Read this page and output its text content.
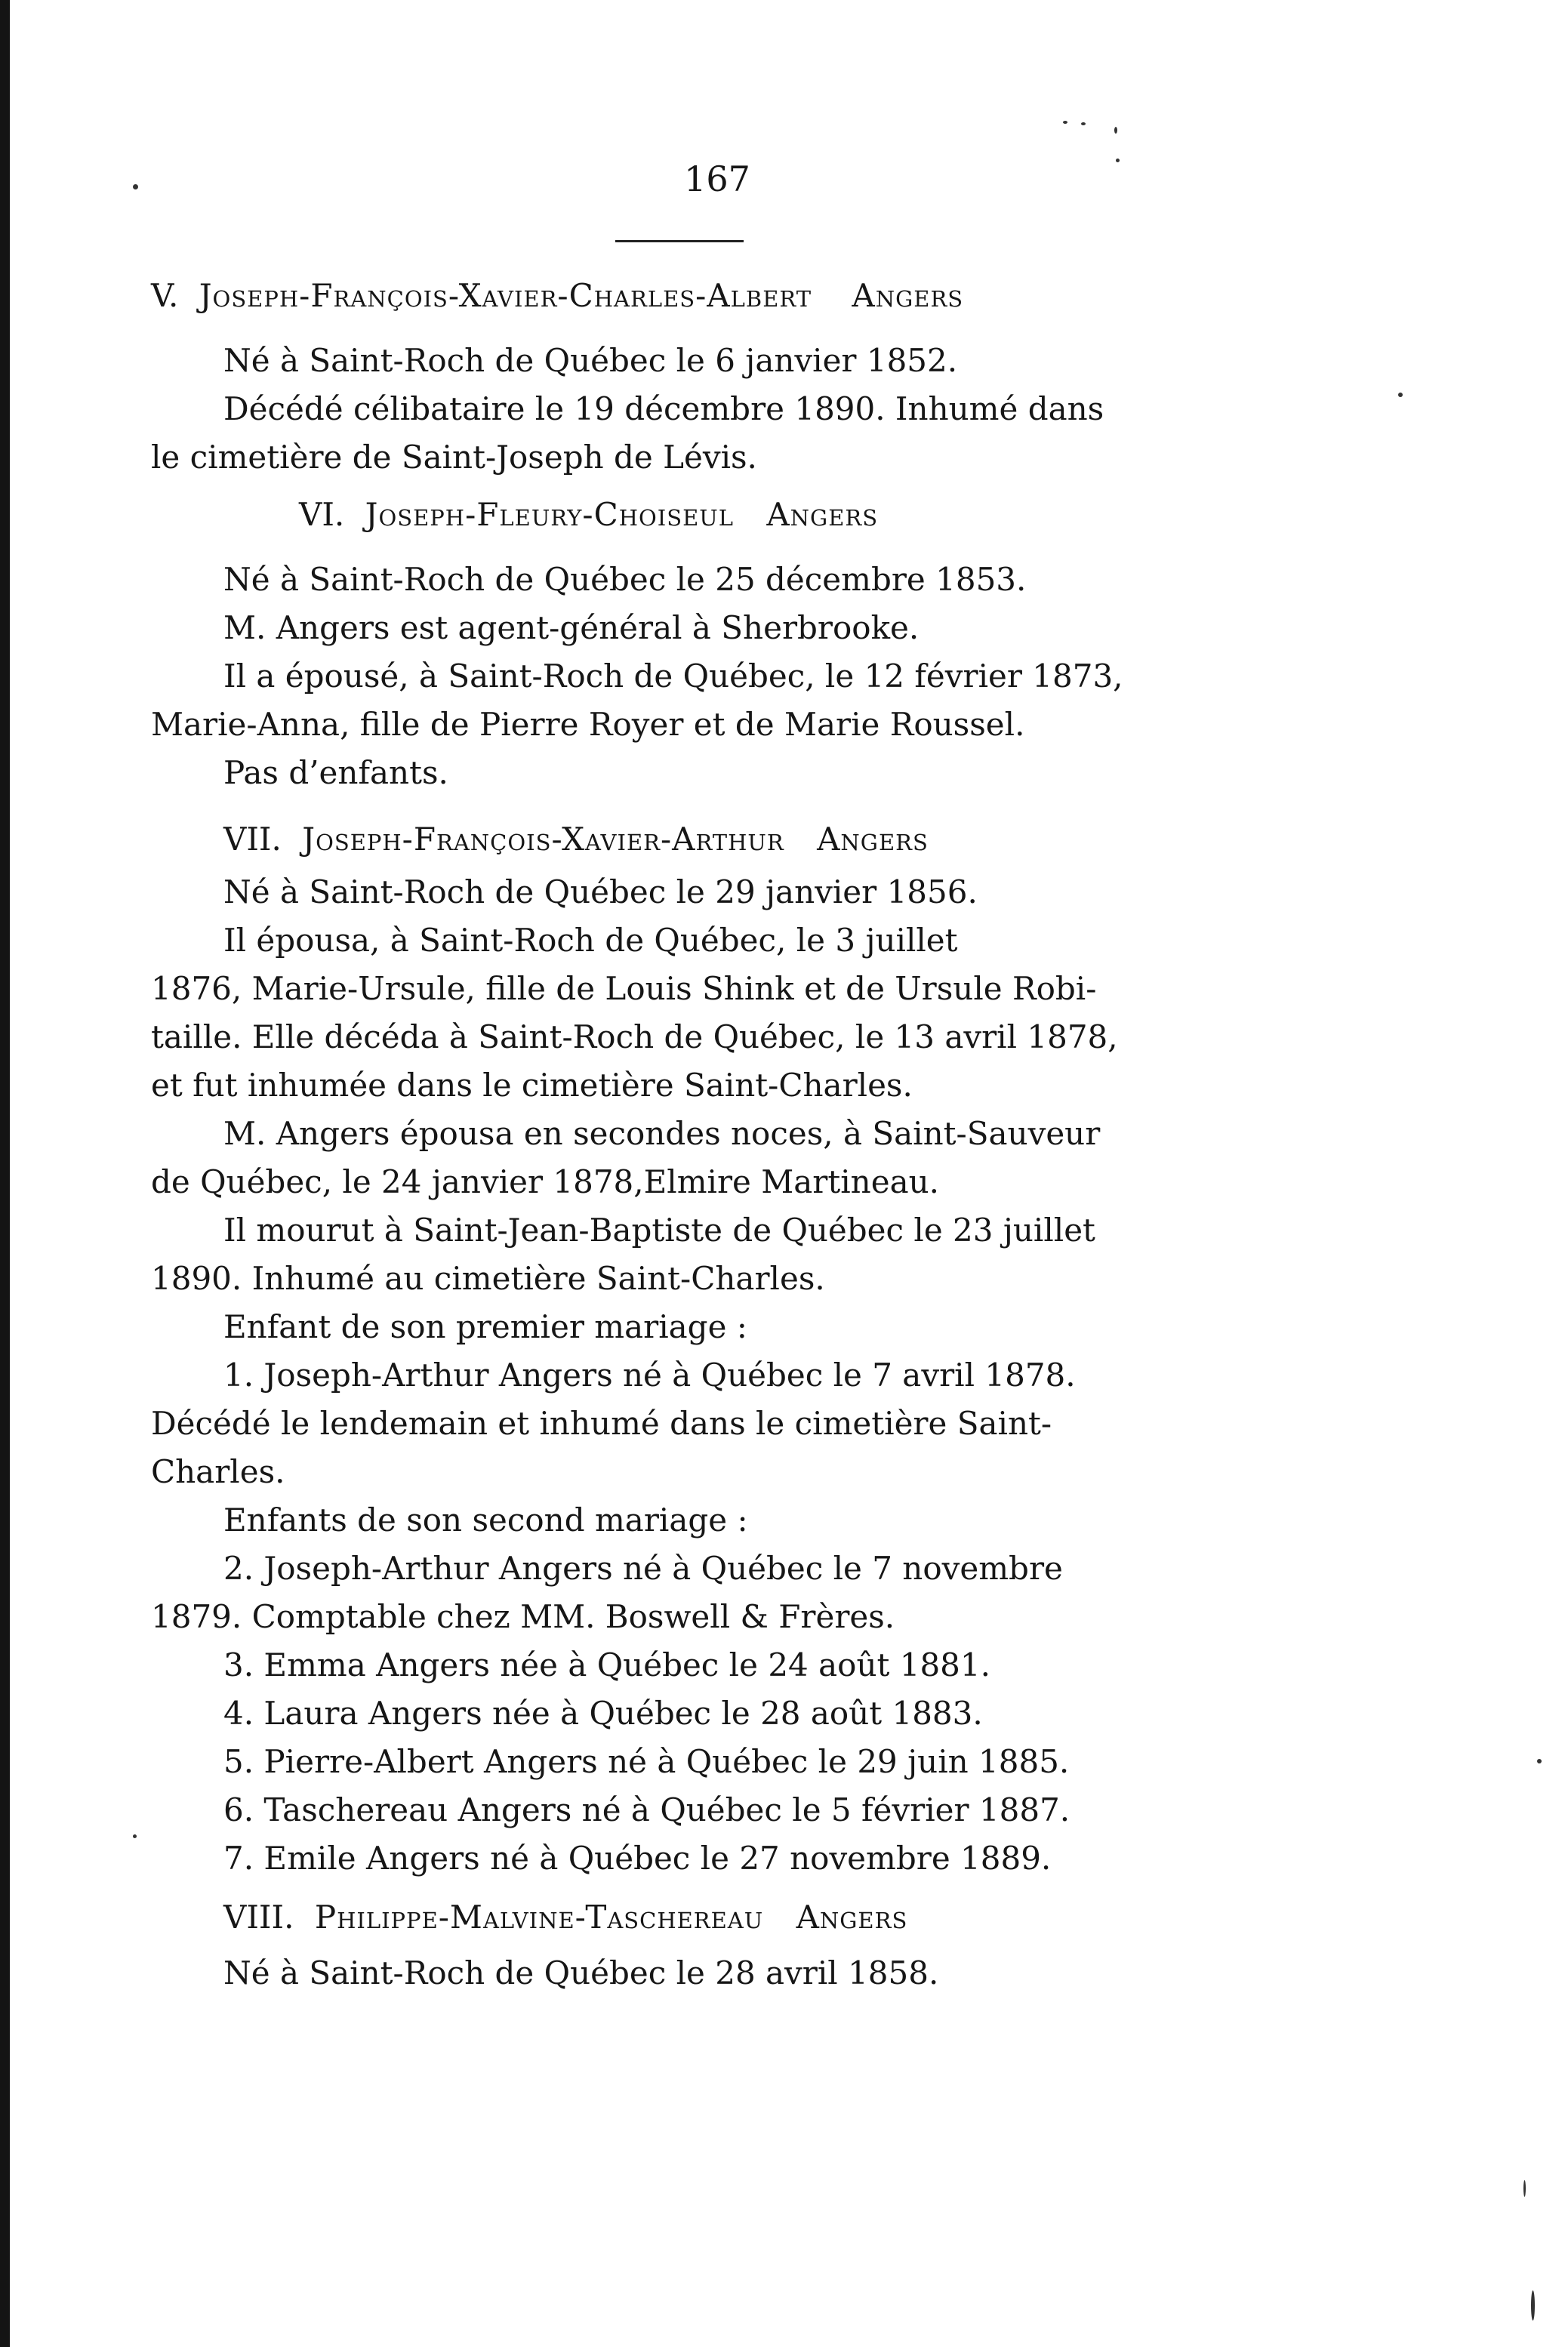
167
V. Joseph-François-Xavier-Charles-Albert Angers
Né à Saint-Roch de Québec le 6 janvier 1852.
Décédé célibataire le 19 décembre 1890. Inhumé dans
le cimetière de Saint-Joseph de Lévis.
VI. Joseph-Fleury-Choiseul Angers
Né à Saint-Roch de Québec le 25 décembre 1853.
M. Angers est agent-général à Sherbrooke.
Il a épousé, à Saint-Roch de Québec, le 12 février 1873,
Marie-Anna, fille de Pierre Royer et de Marie Roussel.
Pas d’enfants.
VII. Joseph-François-Xavier-Arthur Angers
Né à Saint-Roch de Québec le 29 janvier 1856.
Il épousa, à Saint-Roch de Québec, le 3 juillet
1876, Marie-Ursule, fille de Louis Shink et de Ursule Robi-
taille. Elle décéda à Saint-Roch de Québec, le 13 avril 1878,
et fut inhumée dans le cimetière Saint-Charles.
M. Angers épousa en secondes noces, à Saint-Sauveur
de Québec, le 24 janvier 1878,Elmire Martineau.
Il mourut à Saint-Jean-Baptiste de Québec le 23 juillet
1890. Inhumé au cimetière Saint-Charles.
Enfant de son premier mariage :
1. Joseph-Arthur Angers né à Québec le 7 avril 1878.
Décédé le lendemain et inhumé dans le cimetière Saint-
Charles.
Enfants de son second mariage :
2. Joseph-Arthur Angers né à Québec le 7 novembre
1879. Comptable chez MM. Boswell & Frères.
3. Emma Angers née à Québec le 24 août 1881.
4. Laura Angers née à Québec le 28 août 1883.
5. Pierre-Albert Angers né à Québec le 29 juin 1885.
6. Taschereau Angers né à Québec le 5 février 1887.
7. Emile Angers né à Québec le 27 novembre 1889.
VIII. Philippe-Malvine-Taschereau Angers
Né à Saint-Roch de Québec le 28 avril 1858.
